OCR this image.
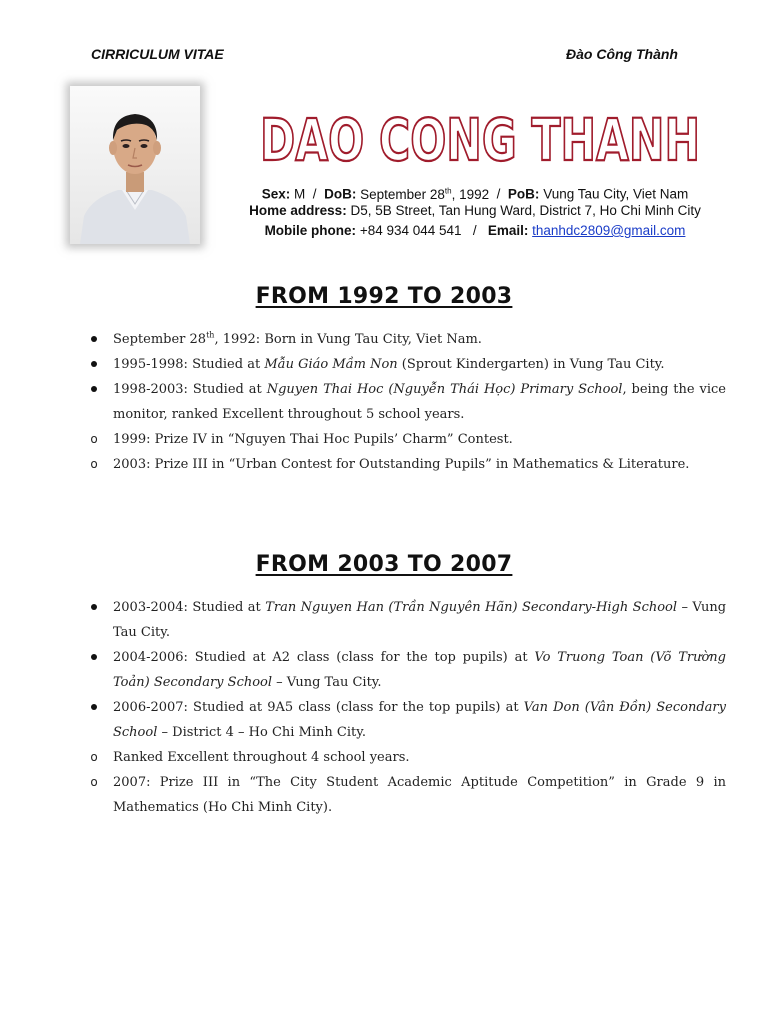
CIRRICULUM VITAE	Đào Công Thành
DAO CONG THANH
Sex: M / DoB: September 28th, 1992 / PoB: Vung Tau City, Viet Nam
Home address: D5, 5B Street, Tan Hung Ward, District 7, Ho Chi Minh City
Mobile phone: +84 934 044 541 / Email: thanhdc2809@gmail.com
FROM 1992 TO 2003
September 28th, 1992: Born in Vung Tau City, Viet Nam.
1995-1998: Studied at Mẫu Giáo Mầm Non (Sprout Kindergarten) in Vung Tau City.
1998-2003: Studied at Nguyen Thai Hoc (Nguyễn Thái Học) Primary School, being the vice monitor, ranked Excellent throughout 5 school years.
o 1999: Prize IV in “Nguyen Thai Hoc Pupils’ Charm” Contest.
o 2003: Prize III in “Urban Contest for Outstanding Pupils” in Mathematics & Literature.
FROM 2003 TO 2007
2003-2004: Studied at Tran Nguyen Han (Trần Nguyên Hãn) Secondary-High School – Vung Tau City.
2004-2006: Studied at A2 class (class for the top pupils) at Vo Truong Toan (Võ Trường Toản) Secondary School – Vung Tau City.
2006-2007: Studied at 9A5 class (class for the top pupils) at Van Don (Vân Đồn) Secondary School – District 4 – Ho Chi Minh City.
o Ranked Excellent throughout 4 school years.
o 2007: Prize III in “The City Student Academic Aptitude Competition” in Grade 9 in Mathematics (Ho Chi Minh City).
